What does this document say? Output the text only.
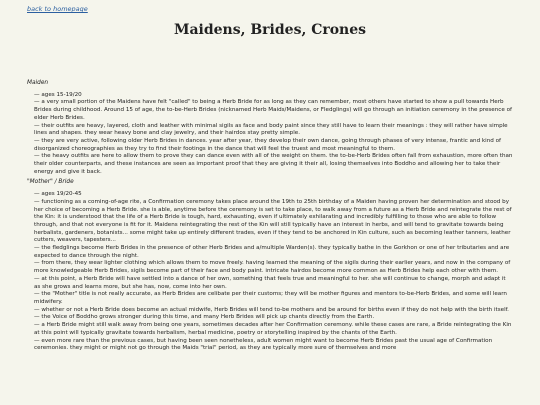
back to homepage
Maidens, Brides, Crones
Maiden

— ages 15-19/20

— a very small portion of the Maidens have felt "called" to being a Herb Bride for as long as they can remember, most others have started to show a pull towards Herb Brides during childhood. Around 15 of age, the to-be-Herb Brides (nicknamed Herb Maids/Maidens, or Fledglings) will go through an initiation ceremony in the presence of elder Herb Brides.

— their outfits are heavy, layered, cloth and leather with minimal sigils as face and body paint since they still have to learn their meanings : they will rather have simple lines and shapes. they wear heavy bone and clay jewelry, and their hairdos stay pretty simple.

— they are very active, following older Herb Brides in dances. year after year, they develop their own dance, going through phases of very intense, frantic and kind of disorganized choreographies as they try to find their footings in the dance that will feel the truest and most meaningful to them.

— the heavy outfits are here to allow them to prove they can dance even with all of the weight on them. the to-be-Herb Brides often fall from exhaustion, more often than their older counterparts, and these instances are seen as important proof that they are giving it their all, losing themselves into Boddho and allowing her to take their energy and give it back.

"Mother" / Bride

— ages 19/20-45

— functioning as a coming-of-age rite, a Confirmation ceremony takes place around the 19th to 25th birthday of a Maiden having proven her determination and stood by her choice of becoming a Herb Bride. she is able, anytime before the ceremony is set to take place, to walk away from a future as a Herb Bride and reintegrate the rest of the Kin: it is understood that the life of a Herb Bride is tough, hard, exhausting, even if ultimately exhilarating and incredibly fulfilling to those who are able to follow through, and that not everyone is fit for it. Maidens reintegrating the rest of the Kin will still typically have an interest in herbs, and will tend to gravitate towards being herbalists, gardeners, botanists... some might take up entirely different trades, even if they tend to be anchored in Kin culture, such as becoming leather tanners, leather cutters, weavers, tapesters...

— the fledglings become Herb Brides in the presence of other Herb Brides and a/multiple Warden(s). they typically bathe in the Gorkhon or one of her tributaries and are expected to dance through the night.

— from there, they wear lighter clothing which allows them to move freely. having learned the meaning of the sigils during their earlier years, and now in the company of more knowledgeable Herb Brides, sigils become part of their face and body paint. intricate hairdos become more common as Herb Brides help each other with them.

— at this point, a Herb Bride will have settled into a dance of her own, something that feels true and meaningful to her. she will continue to change, morph and adapt it as she grows and learns more, but she has, now, come into her own.

— the "Mother" title is not really accurate, as Herb Brides are celibate per their customs; they will be mother figures and mentors to-be-Herb Brides, and some will learn midwifery.

— whether or not a Herb Bride does become an actual midwife, Herb Brides will tend to-be mothers and be around for births even if they do not help with the birth itself.

— the Voice of Boddho grows stronger during this time, and many Herb Brides will pick up chants directly from the Earth.

— a Herb Bride might still walk away from being one years, sometimes decades after her Confirmation ceremony. while these cases are rare, a Bride reintegrating the Kin at this point will typically gravitate towards herbalism, herbal medicine, poetry or storytelling inspired by the chants of the Earth.

— even more rare than the previous cases, but having been seen nonetheless, adult women might want to become Herb Brides past the usual age of Confirmation ceremonies. they might or might not go through the Maids "trial" period, as they are typically more sure of themselves and more
